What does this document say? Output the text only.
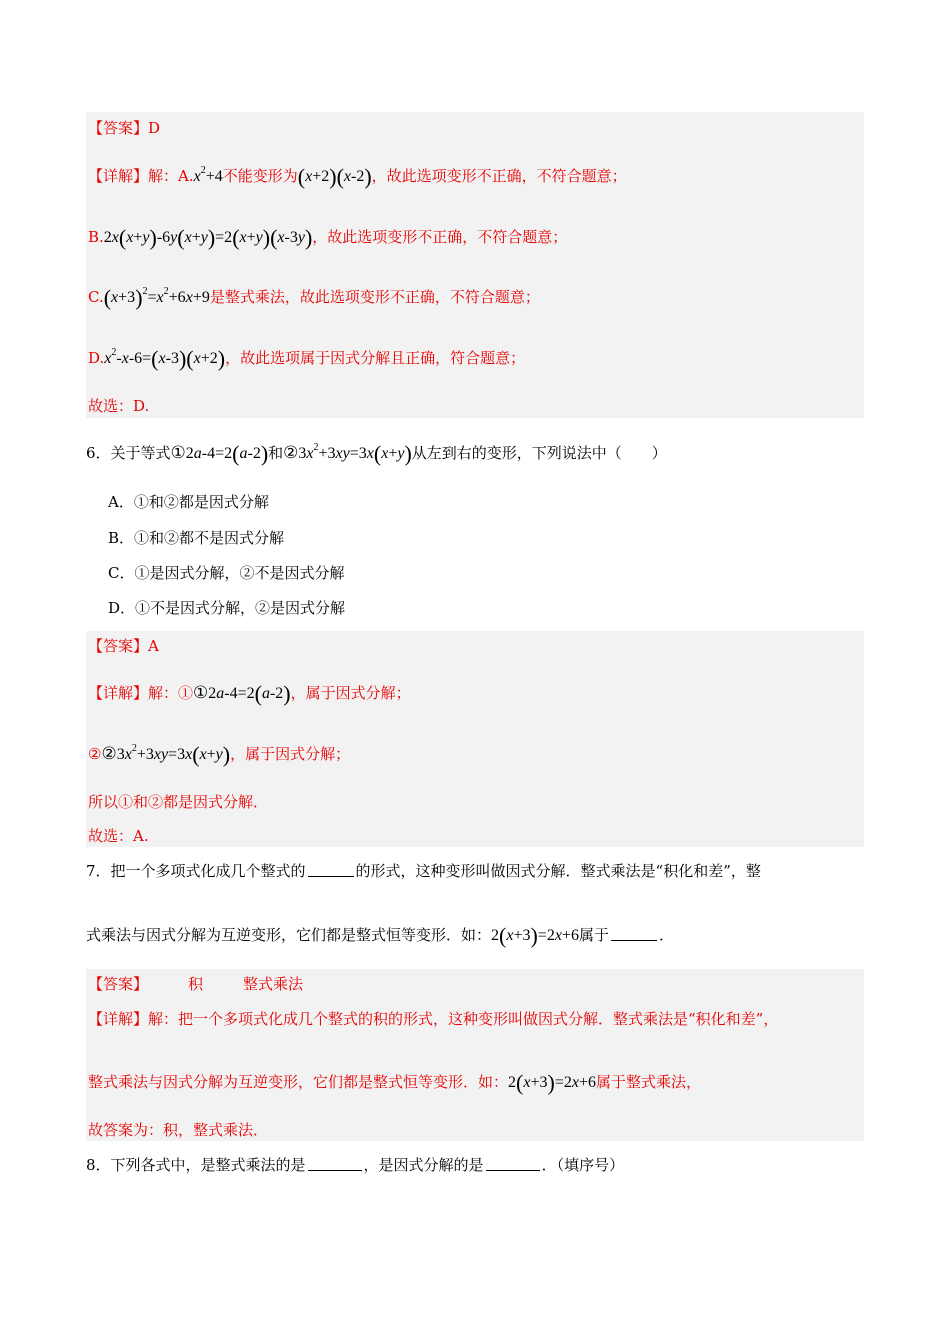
【答案】D
【详解】解：$A.x^2+4$不能变形为(x+2)(x-2)，故此选项变形不正确，不符合题意；
B.2x(x+y)-6y(x+y)=2(x+y)(x-3y)，故此选项变形不正确，不符合题意；
$C.(x+3)^2=x^2+6x+9$是整式乘法，故此选项变形不正确，不符合题意；
$D.x^2-x-6=(x-3)(x+2)$，故此选项属于因式分解且正确，符合题意；
故选：D.
6．关于等式①2a-4=2(a-2)和$②3x^2+3xy=3x(x+y)$从左到右的变形，下列说法中（　　）
A．①和②都是因式分解
B．①和②都不是因式分解
C．①是因式分解，②不是因式分解
D．①不是因式分解，②是因式分解
【答案】A
【详解】解：①①2a-4=2(a-2)，属于因式分解；
$②②3x^2+3xy=3x(x+y)$，属于因式分解；
所以①和②都是因式分解．
故选：A.
7．把一个多项式化成几个整式的	的形式，这种变形叫做因式分解．整式乘法是“积化和差”，整
式乘法与因式分解为互逆变形，它们都是整式恒等变形．如：2(x+3)=2x+6属于	．
【答案】	积	整式乘法
【详解】解：把一个多项式化成几个整式的积的形式，这种变形叫做因式分解．整式乘法是“积化和差”，
整式乘法与因式分解为互逆变形，它们都是整式恒等变形．如：2(x+3)=2x+6属于整式乘法，
故答案为：积，整式乘法．
8．下列各式中，是整式乘法的是	，是因式分解的是	．（填序号）
